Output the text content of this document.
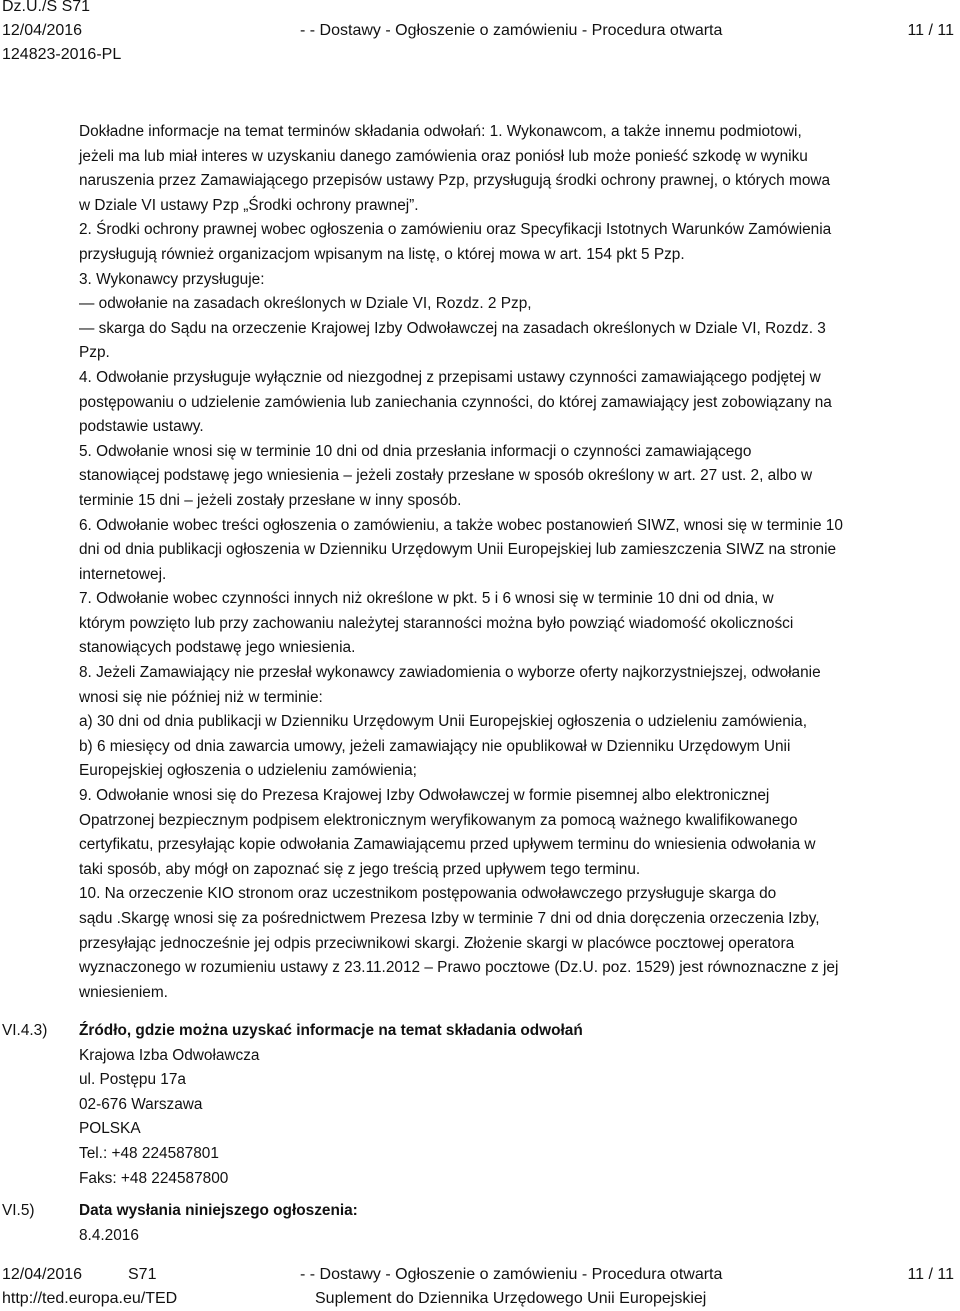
Dz.U./S S71
12/04/2016
124823-2016-PL
- - Dostawy - Ogłoszenie o zamówieniu - Procedura otwarta	11 / 11

Dokładne informacje na temat terminów składania odwołań: 1. Wykonawcom, a także innemu podmiotowi,

jeżeli ma lub miał interes w uzyskaniu danego zamówienia oraz poniósł lub może ponieść szkodę w wyniku

naruszenia przez Zamawiającego przepisów ustawy Pzp, przysługują środki ochrony prawnej, o których mowa

w Dziale VI ustawy Pzp „Środki ochrony prawnej”.

2. Środki ochrony prawnej wobec ogłoszenia o zamówieniu oraz Specyfikacji Istotnych Warunków Zamówienia

przysługują również organizacjom wpisanym na listę, o której mowa w art. 154 pkt 5 Pzp.

3. Wykonawcy przysługuje:

— odwołanie na zasadach określonych w Dziale VI, Rozdz. 2 Pzp,

— skarga do Sądu na orzeczenie Krajowej Izby Odwoławczej na zasadach określonych w Dziale VI, Rozdz. 3

Pzp.

4. Odwołanie przysługuje wyłącznie od niezgodnej z przepisami ustawy czynności zamawiającego podjętej w

postępowaniu o udzielenie zamówienia lub zaniechania czynności, do której zamawiający jest zobowiązany na

podstawie ustawy.

5. Odwołanie wnosi się w terminie 10 dni od dnia przesłania informacji o czynności zamawiającego

stanowiącej podstawę jego wniesienia – jeżeli zostały przesłane w sposób określony w art. 27 ust. 2, albo w

terminie 15 dni – jeżeli zostały przesłane w inny sposób.

6. Odwołanie wobec treści ogłoszenia o zamówieniu, a także wobec postanowień SIWZ, wnosi się w terminie 10

dni od dnia publikacji ogłoszenia w Dzienniku Urzędowym Unii Europejskiej lub zamieszczenia SIWZ na stronie

internetowej.

7. Odwołanie wobec czynności innych niż określone w pkt. 5 i 6 wnosi się w terminie 10 dni od dnia, w

którym powzięto lub przy zachowaniu należytej staranności można było powziąć wiadomość okoliczności

stanowiących podstawę jego wniesienia.

8. Jeżeli Zamawiający nie przesłał wykonawcy zawiadomienia o wyborze oferty najkorzystniejszej, odwołanie

wnosi się nie później niż w terminie:

a) 30 dni od dnia publikacji w Dzienniku Urzędowym Unii Europejskiej ogłoszenia o udzieleniu zamówienia,

b) 6 miesięcy od dnia zawarcia umowy, jeżeli zamawiający nie opublikował w Dzienniku Urzędowym Unii

Europejskiej ogłoszenia o udzieleniu zamówienia;

9. Odwołanie wnosi się do Prezesa Krajowej Izby Odwoławczej w formie pisemnej albo elektronicznej

Opatrzonej bezpiecznym podpisem elektronicznym weryfikowanym za pomocą ważnego kwalifikowanego

certyfikatu, przesyłając kopie odwołania Zamawiającemu przed upływem terminu do wniesienia odwołania w

taki sposób, aby mógł on zapoznać się z jego treścią przed upływem tego terminu.

10. Na orzeczenie KIO stronom oraz uczestnikom postępowania odwoławczego przysługuje skarga do

sądu .Skargę wnosi się za pośrednictwem Prezesa Izby w terminie 7 dni od dnia doręczenia orzeczenia Izby,

przesyłając jednocześnie jej odpis przeciwnikowi skargi. Złożenie skargi w placówce pocztowej operatora

wyznaczonego w rozumieniu ustawy z 23.11.2012 – Prawo pocztowe (Dz.U. poz. 1529) jest równoznaczne z jej

wniesieniem.

VI.4.3) Źródło, gdzie można uzyskać informacje na temat składania odwołań
Krajowa Izba Odwoławcza
ul. Postępu 17a
02-676 Warszawa
POLSKA
Tel.: +48 224587801
Faks: +48 224587800
VI.5)	Data wysłania niniejszego ogłoszenia:
8.4.2016
12/04/2016	S71	- - Dostawy - Ogłoszenie o zamówieniu - Procedura otwarta	11 / 11
http://ted.europa.eu/TED	Suplement do Dziennika Urzędowego Unii Europejskiej
